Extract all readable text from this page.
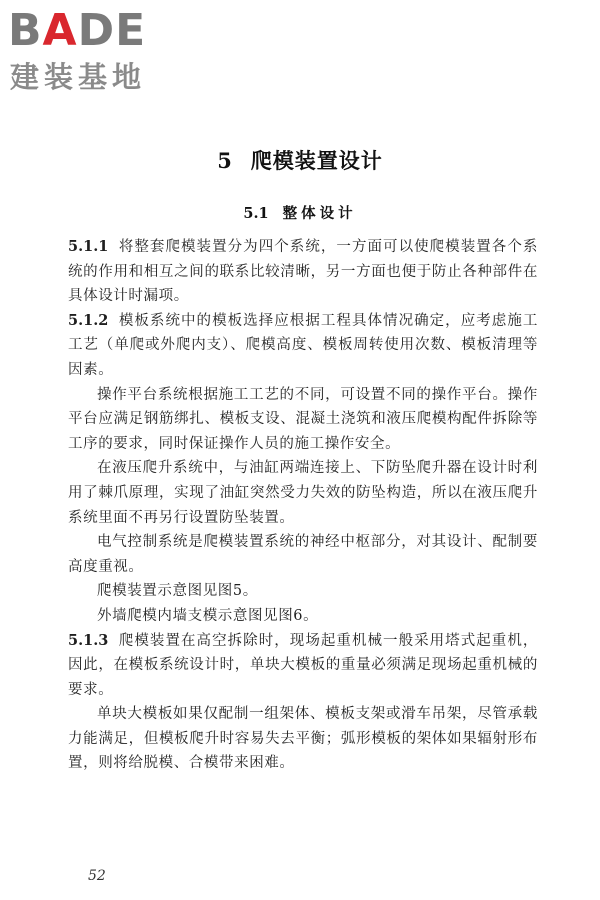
BADE
建装基地
5 爬模装置设计
5.1 整体设计

5.1.1 将整套爬模装置分为四个系统，一方面可以使爬模装置各个系统的作用和相互之间的联系比较清晰，另一方面也便于防止各种部件在具体设计时漏项。

5.1.2 模板系统中的模板选择应根据工程具体情况确定，应考虑施工工艺（单爬或外爬内支）、爬模高度、模板周转使用次数、模板清理等因素。

操作平台系统根据施工工艺的不同，可设置不同的操作平台。操作平台应满足钢筋绑扎、模板支设、混凝土浇筑和液压爬模构配件拆除等工序的要求，同时保证操作人员的施工操作安全。

在液压爬升系统中，与油缸两端连接上、下防坠爬升器在设计时利用了棘爪原理，实现了油缸突然受力失效的防坠构造，所以在液压爬升系统里面不再另行设置防坠装置。

电气控制系统是爬模装置系统的神经中枢部分，对其设计、配制要高度重视。

爬模装置示意图见图5。

外墙爬模内墙支模示意图见图6。

5.1.3 爬模装置在高空拆除时，现场起重机械一般采用塔式起重机，因此，在模板系统设计时，单块大模板的重量必须满足现场起重机械的要求。

单块大模板如果仅配制一组架体、模板支架或滑车吊架，尽管承载力能满足，但模板爬升时容易失去平衡；弧形模板的架体如果辐射形布置，则将给脱模、合模带来困难。

52
